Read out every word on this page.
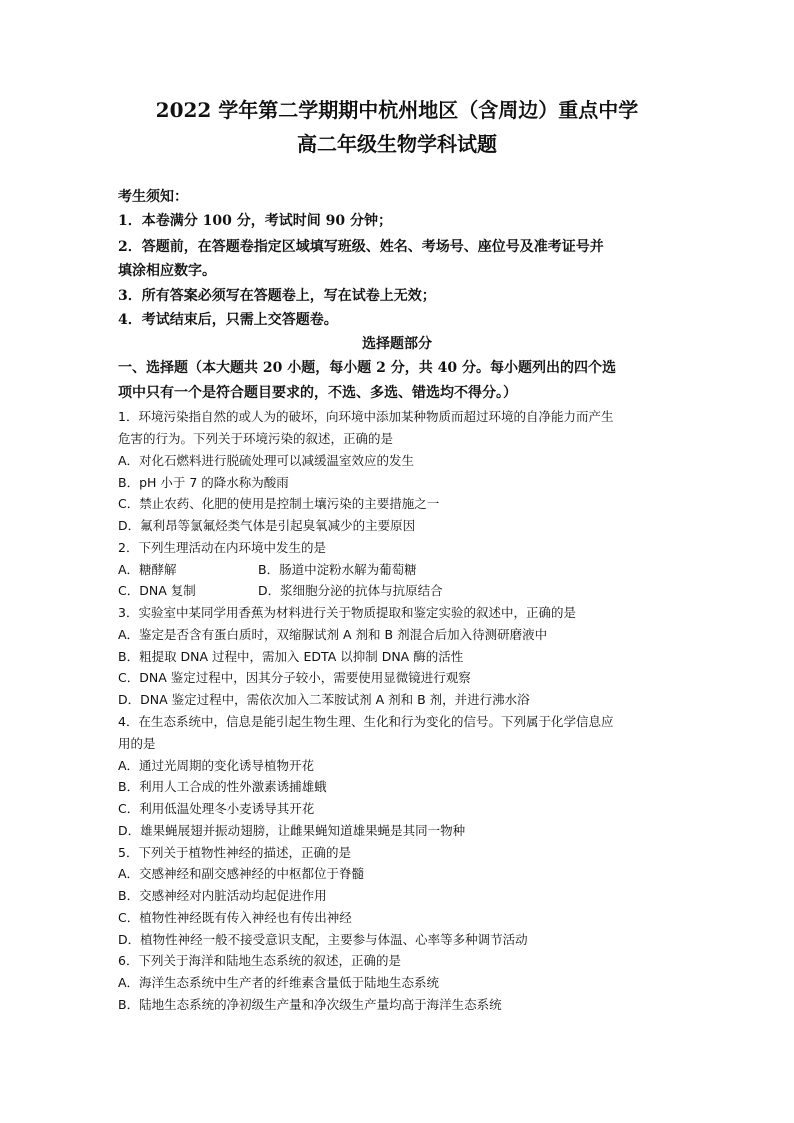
2022 学年第二学期期中杭州地区（含周边）重点中学
高二年级生物学科试题
考生须知：
1．本卷满分 100 分，考试时间 90 分钟；
2．答题前，在答题卷指定区域填写班级、姓名、考场号、座位号及准考证号并
填涂相应数字。
3．所有答案必须写在答题卷上，写在试卷上无效；
4．考试结束后，只需上交答题卷。
选择题部分
一、选择题（本大题共 20 小题，每小题 2 分，共 40 分。每小题列出的四个选
项中只有一个是符合题目要求的，不选、多选、错选均不得分。）
1．环境污染指自然的或人为的破坏，向环境中添加某种物质而超过环境的自净能力而产生
危害的行为。下列关于环境污染的叙述，正确的是
A．对化石燃料进行脱硫处理可以减缓温室效应的发生
B．pH 小于 7 的降水称为酸雨
C．禁止农药、化肥的使用是控制土壤污染的主要措施之一
D．氟利昂等氯氟烃类气体是引起臭氧减少的主要原因
2．下列生理活动在内环境中发生的是
A．糖酵解	B．肠道中淀粉水解为葡萄糖
C．DNA 复制	D．浆细胞分泌的抗体与抗原结合
3．实验室中某同学用香蕉为材料进行关于物质提取和鉴定实验的叙述中，正确的是
A．鉴定是否含有蛋白质时，双缩脲试剂 A 剂和 B 剂混合后加入待测研磨液中
B．粗提取 DNA 过程中，需加入 EDTA 以抑制 DNA 酶的活性
C．DNA 鉴定过程中，因其分子较小，需要使用显微镜进行观察
D．DNA 鉴定过程中，需依次加入二苯胺试剂 A 剂和 B 剂，并进行沸水浴
4．在生态系统中，信息是能引起生物生理、生化和行为变化的信号。下列属于化学信息应
用的是
A．通过光周期的变化诱导植物开花
B．利用人工合成的性外激素诱捕雄蛾
C．利用低温处理冬小麦诱导其开花
D．雄果蝇展翅并振动翅膀，让雌果蝇知道雄果蝇是其同一物种
5．下列关于植物性神经的描述，正确的是
A．交感神经和副交感神经的中枢都位于脊髓
B．交感神经对内脏活动均起促进作用
C．植物性神经既有传入神经也有传出神经
D．植物性神经一般不接受意识支配，主要参与体温、心率等多种调节活动
6．下列关于海洋和陆地生态系统的叙述，正确的是
A．海洋生态系统中生产者的纤维素含量低于陆地生态系统
B．陆地生态系统的净初级生产量和净次级生产量均高于海洋生态系统
